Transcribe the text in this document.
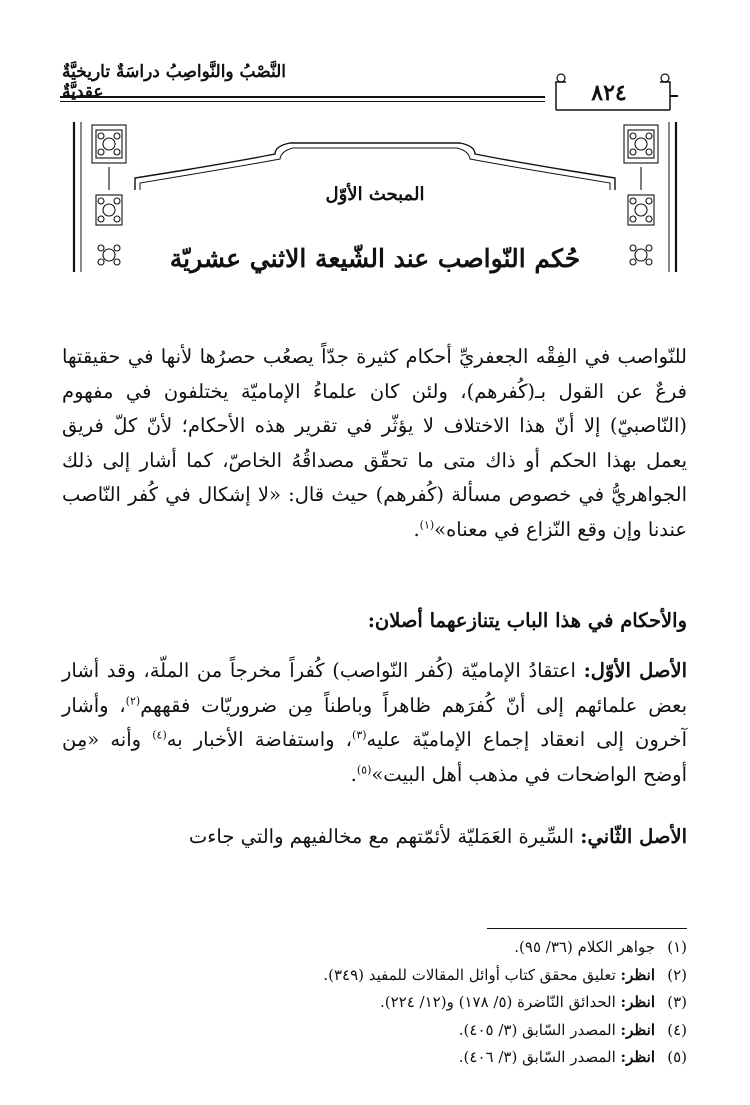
النَّصْبُ والنَّواصِبُ دراسَةٌ تاريخيَّةٌ عقديَّةٌ	٨٢٤
المبحث الأوّل
حُكم النّواصب عند الشّيعة الاثني عشريّة

للنّواصب في الفِقْه الجعفريِّ أحكام كثيرة جدّاً يصعُب حصرُها لأنها في حقيقتها فرعٌ عن القول بـ(كُفرهم)، ولئن كان علماءُ الإماميّة يختلفون في مفهوم (النّاصبيّ) إلا أنّ هذا الاختلاف لا يؤثّر في تقرير هذه الأحكام؛ لأنّ كلّ فريق يعمل بهذا الحكم أو ذاك متى ما تحقّق مصداقُهُ الخاصّ، كما أشار إلى ذلك الجواهريُّ في خصوص مسألة (كُفرهم) حيث قال: «لا إشكال في كُفر النّاصب عندنا وإن وقع النّزاع في معناه»$^{(١)}$.

والأحكام في هذا الباب يتنازعهما أصلان:

الأصل الأوّل: اعتقادُ الإماميّة (كُفر النّواصب) كُفراً مخرجاً من الملّة، وقد أشار بعض علمائهم إلى أنّ كُفرَهم ظاهراً وباطناً مِن ضروريّات فقههم$^{(٢)}$، وأشار آخرون إلى انعقاد إجماع الإماميّة عليه$^{(٣)}$، واستفاضة الأخبار به$^{(٤)}$ وأنه «مِن أوضح الواضحات في مذهب أهل البيت»$^{(٥)}$.

الأصل الثّاني: السِّيرة العَمَليّة لأئمّتهم مع مخالفيهم والتي جاءت

(١)جواهر الكلام (٣٦/ ٩٥).
(٢)انظر: تعليق محقق كتاب أوائل المقالات للمفيد (٣٤٩).
(٣)انظر: الحدائق النّاضرة (٥/ ١٧٨) و(١٢/ ٢٢٤).
(٤)انظر: المصدر السّابق (٣/ ٤٠٥).
(٥)انظر: المصدر السّابق (٣/ ٤٠٦).
